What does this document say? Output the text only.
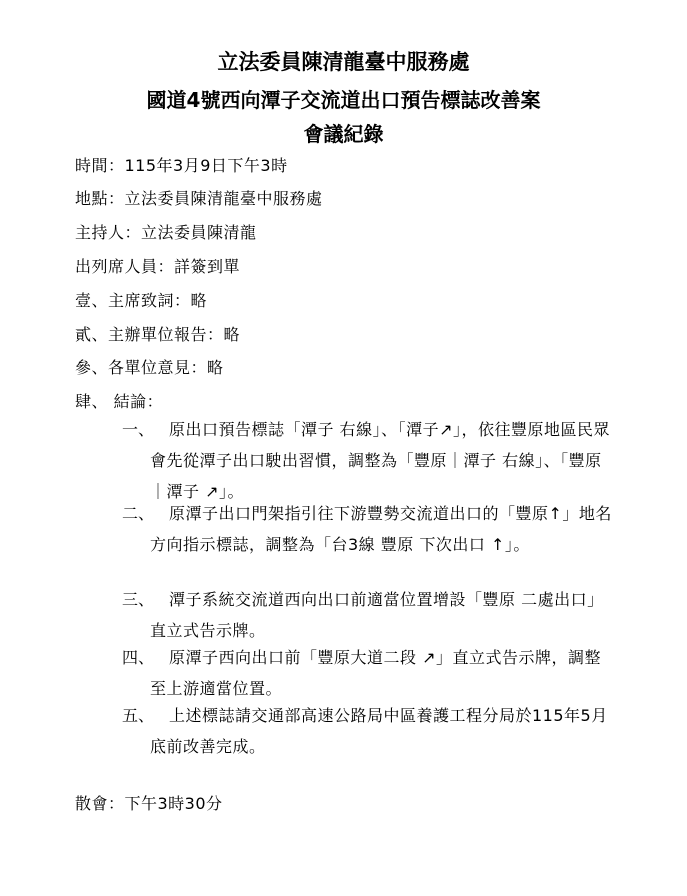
立法委員陳清龍臺中服務處
國道4號西向潭子交流道出口預告標誌改善案
會議紀錄
時間：115年3月9日下午3時
地點：立法委員陳清龍臺中服務處
主持人：立法委員陳清龍
出列席人員：詳簽到單
壹、主席致詞：略
貳、主辦單位報告：略
參、各單位意見：略
肆、 結論：
一、 原出口預告標誌「潭子 右線」、「潭子↗」，依往豐原地區民眾會先從潭子出口駛出習慣，調整為「豐原｜潭子 右線」、「豐原｜潭子 ↗」。
二、 原潭子出口門架指引往下游豐勢交流道出口的「豐原↑」地名方向指示標誌，調整為「台3線 豐原 下次出口 ↑」。
三、 潭子系統交流道西向出口前適當位置增設「豐原 二處出口」直立式告示牌。
四、 原潭子西向出口前「豐原大道二段 ↗」直立式告示牌，調整至上游適當位置。
五、 上述標誌請交通部高速公路局中區養護工程分局於115年5月底前改善完成。
散會：下午3時30分
